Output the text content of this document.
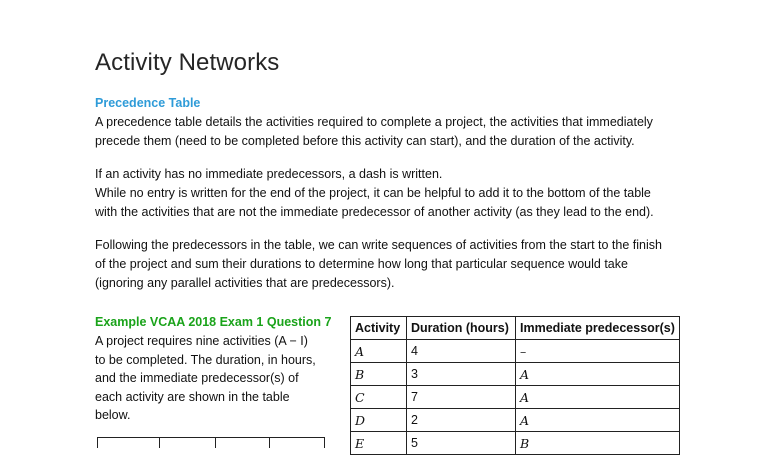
Activity Networks
Precedence Table

A precedence table details the activities required to complete a project, the activities that immediately
precede them (need to be completed before this activity can start), and the duration of the activity.

If an activity has no immediate predecessors, a dash is written.
While no entry is written for the end of the project, it can be helpful to add it to the bottom of the table
with the activities that are not the immediate predecessor of another activity (as they lead to the end).

Following the predecessors in the table, we can write sequences of activities from the start to the finish
of the project and sum their durations to determine how long that particular sequence would take
(ignoring any parallel activities that are predecessors).

Example VCAA 2018 Exam 1 Question 7

A project requires nine activities (A − I)
to be completed. The duration, in hours,
and the immediate predecessor(s) of
each activity are shown in the table
below.

Activity	Duration (hours)	Immediate predecessor(s)
A	4	–
B	3	A
C	7	A
D	2	A
E	5	B
